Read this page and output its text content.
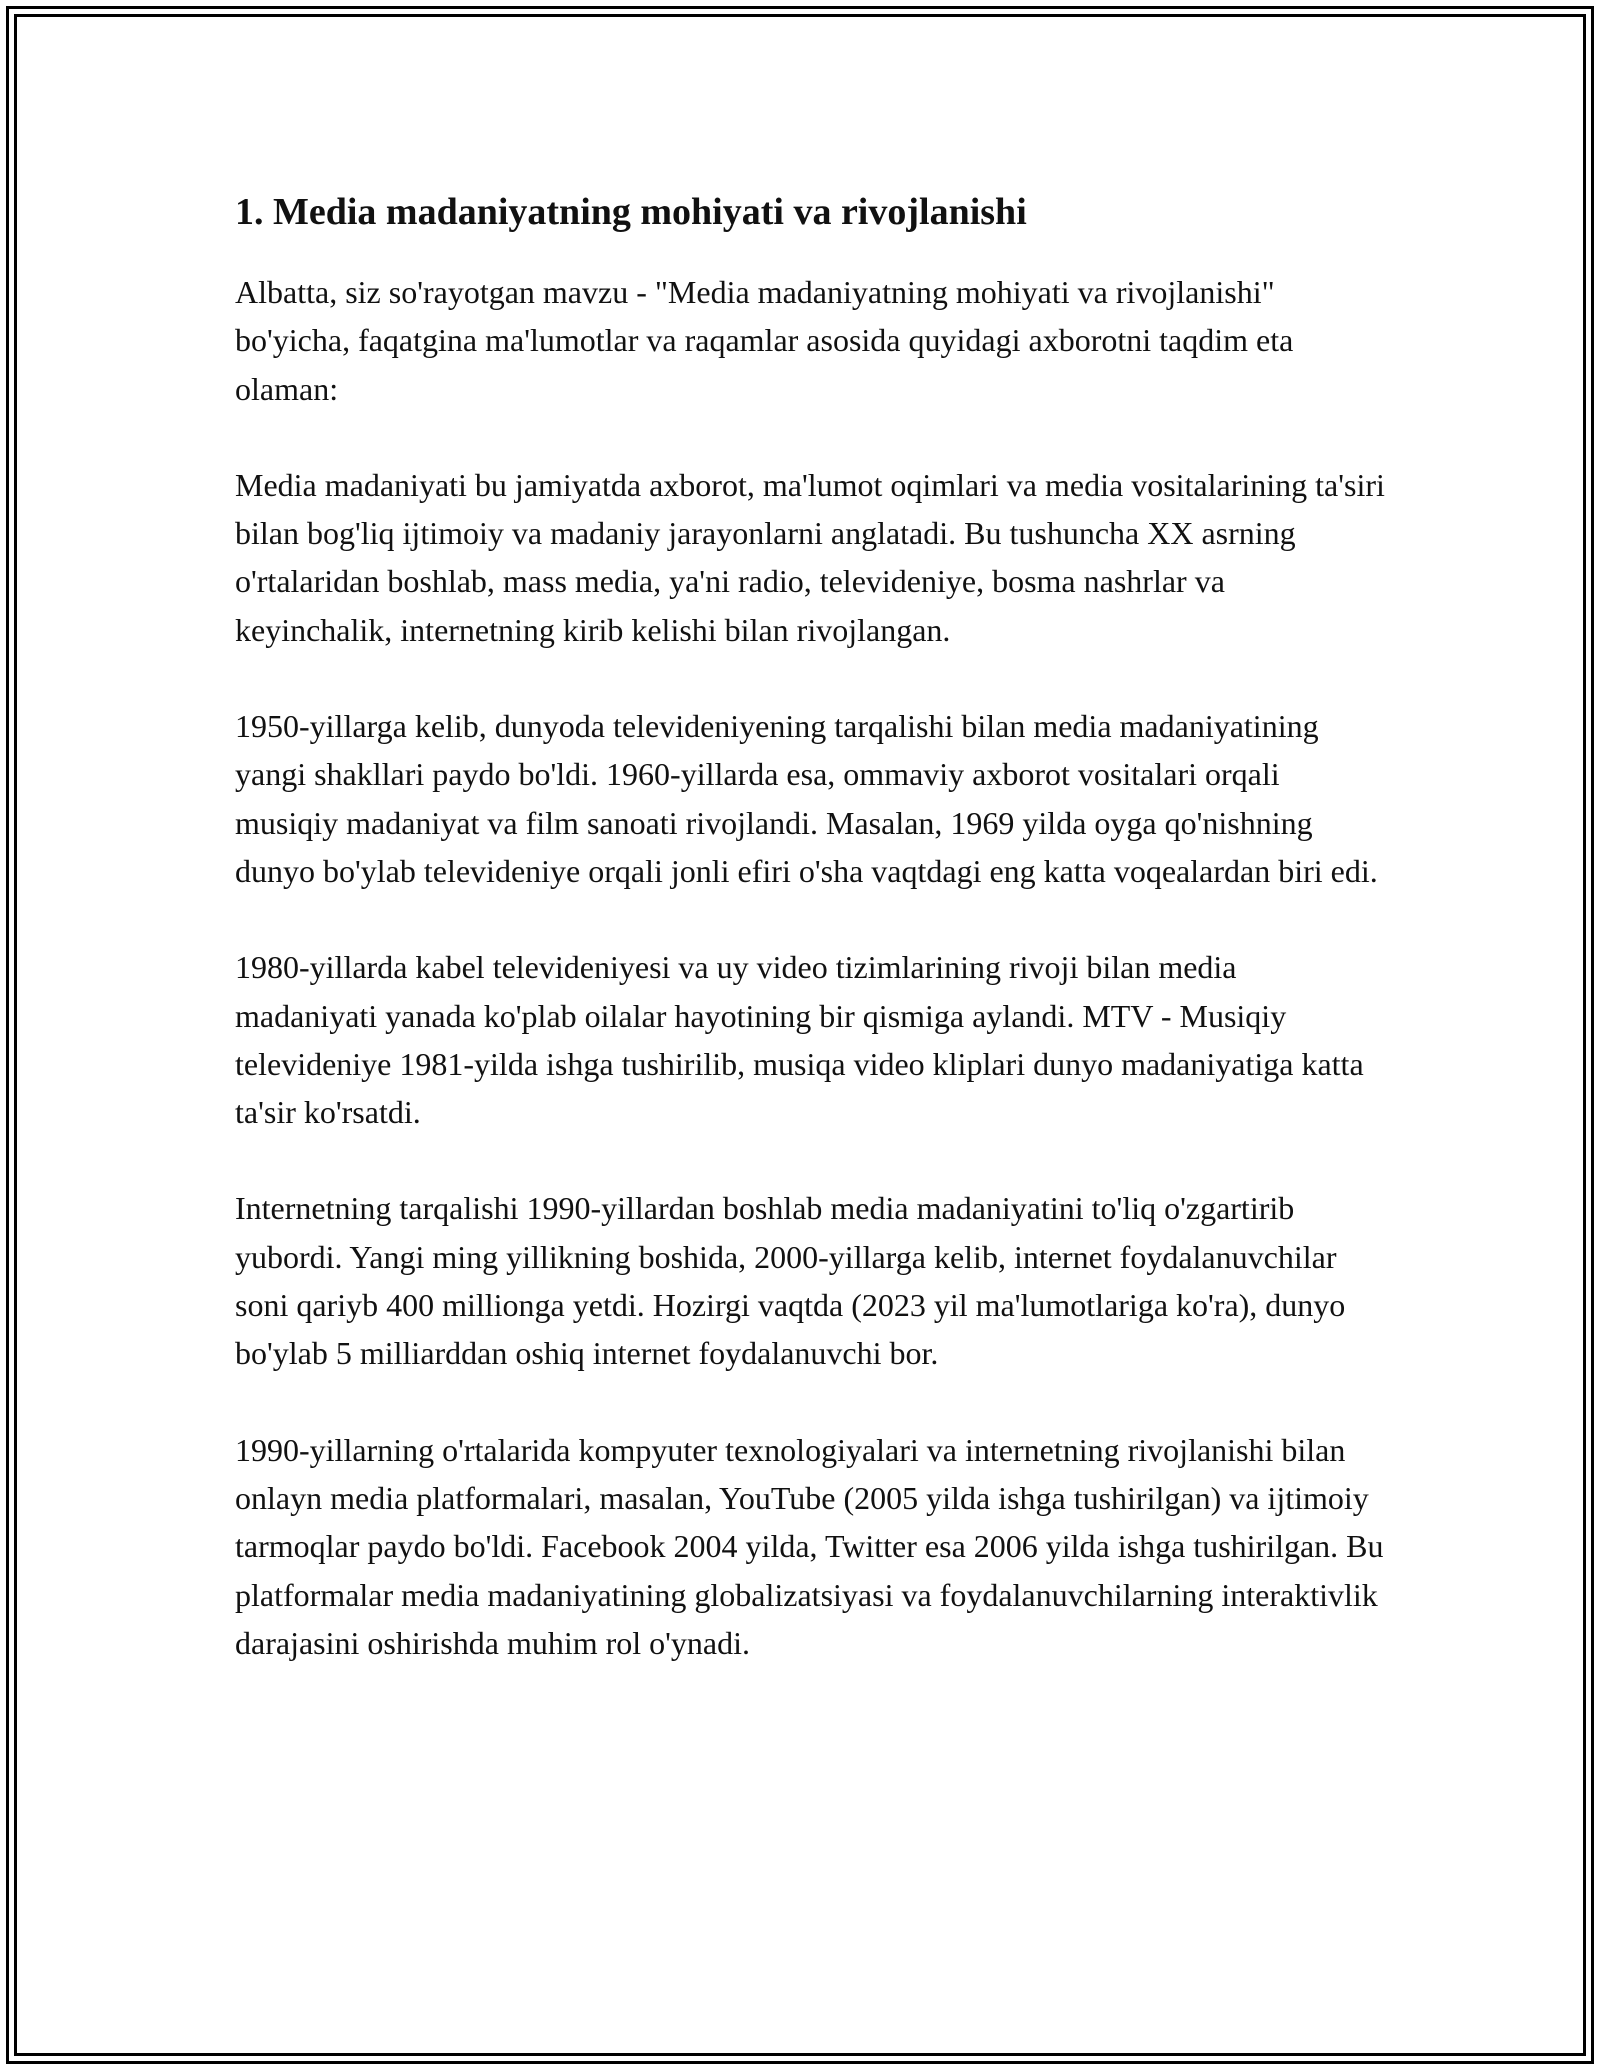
1. Media madaniyatning mohiyati va rivojlanishi

Albatta, siz so'rayotgan mavzu - "Media madaniyatning mohiyati va rivojlanishi" bo'yicha, faqatgina ma'lumotlar va raqamlar asosida quyidagi axborotni taqdim eta olaman:

Media madaniyati bu jamiyatda axborot, ma'lumot oqimlari va media vositalarining ta'siri bilan bog'liq ijtimoiy va madaniy jarayonlarni anglatadi. Bu tushuncha XX asrning o'rtalaridan boshlab, mass media, ya'ni radio, televideniye, bosma nashrlar va keyinchalik, internetning kirib kelishi bilan rivojlangan.

1950-yillarga kelib, dunyoda televideniyening tarqalishi bilan media madaniyatining yangi shakllari paydo bo'ldi. 1960-yillarda esa, ommaviy axborot vositalari orqali musiqiy madaniyat va film sanoati rivojlandi. Masalan, 1969 yilda oyga qo'nishning dunyo bo'ylab televideniye orqali jonli efiri o'sha vaqtdagi eng katta voqealardan biri edi.

1980-yillarda kabel televideniyesi va uy video tizimlarining rivoji bilan media madaniyati yanada ko'plab oilalar hayotining bir qismiga aylandi. MTV - Musiqiy televideniye 1981-yilda ishga tushirilib, musiqa video kliplari dunyo madaniyatiga katta ta'sir ko'rsatdi.

Internetning tarqalishi 1990-yillardan boshlab media madaniyatini to'liq o'zgartirib yubordi. Yangi ming yillikning boshida, 2000-yillarga kelib, internet foydalanuvchilar soni qariyb 400 millionga yetdi. Hozirgi vaqtda (2023 yil ma'lumotlariga ko'ra), dunyo bo'ylab 5 milliarddan oshiq internet foydalanuvchi bor.

1990-yillarning o'rtalarida kompyuter texnologiyalari va internetning rivojlanishi bilan onlayn media platformalari, masalan, YouTube (2005 yilda ishga tushirilgan) va ijtimoiy tarmoqlar paydo bo'ldi. Facebook 2004 yilda, Twitter esa 2006 yilda ishga tushirilgan. Bu platformalar media madaniyatining globalizatsiyasi va foydalanuvchilarning interaktivlik darajasini oshirishda muhim rol o'ynadi.
